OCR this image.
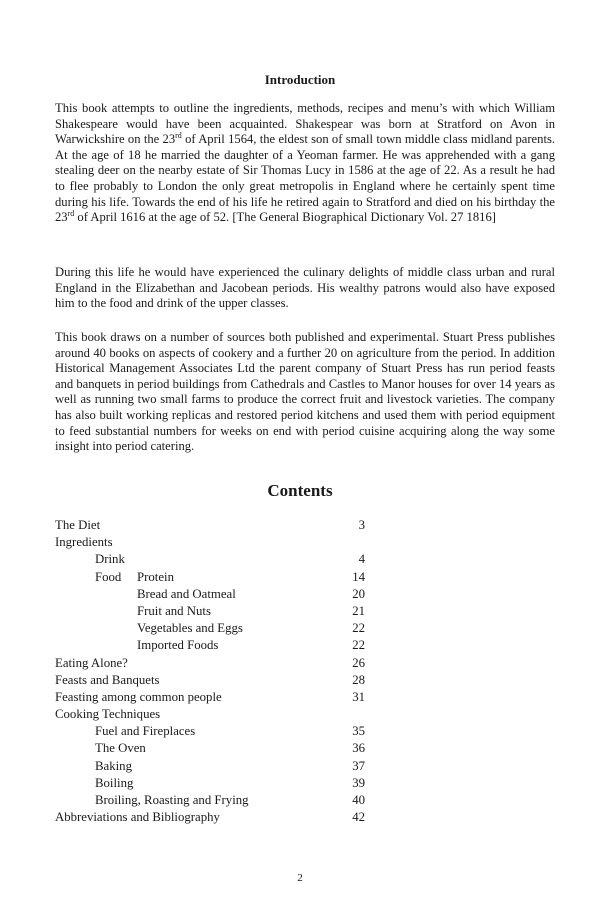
Introduction

This book attempts to outline the ingredients, methods, recipes and menu’s with which William Shakespeare would have been acquainted. Shakespear was born at Stratford on Avon in Warwickshire on the 23rd of April 1564, the eldest son of small town middle class midland parents. At the age of 18 he married the daughter of a Yeoman farmer. He was apprehended with a gang stealing deer on the nearby estate of Sir Thomas Lucy in 1586 at the age of 22. As a result he had to flee probably to London the only great metropolis in England where he certainly spent time during his life. Towards the end of his life he retired again to Stratford and died on his birthday the 23rd of April 1616 at the age of 52. [The General Biographical Dictionary Vol. 27 1816]

During this life he would have experienced the culinary delights of middle class urban and rural England in the Elizabethan and Jacobean periods. His wealthy patrons would also have exposed him to the food and drink of the upper classes.

This book draws on a number of sources both published and experimental. Stuart Press publishes around 40 books on aspects of cookery and a further 20 on agriculture from the period. In addition Historical Management Associates Ltd the parent company of Stuart Press has run period feasts and banquets in period buildings from Cathedrals and Castles to Manor houses for over 14 years as well as running two small farms to produce the correct fruit and livestock varieties. The company has also built working replicas and restored period kitchens and used them with period equipment to feed substantial numbers for weeks on end with period cuisine acquiring along the way some insight into period catering.

Contents
The Diet	3
Ingredients
Drink	4
Food Protein	14
Bread and Oatmeal	20
Fruit and Nuts	21
Vegetables and Eggs	22
Imported Foods	22
Eating Alone?	26
Feasts and Banquets	28
Feasting among common people	31
Cooking Techniques
Fuel and Fireplaces	35
The Oven	36
Baking	37
Boiling	39
Broiling, Roasting and Frying	40
Abbreviations and Bibliography	42
2
